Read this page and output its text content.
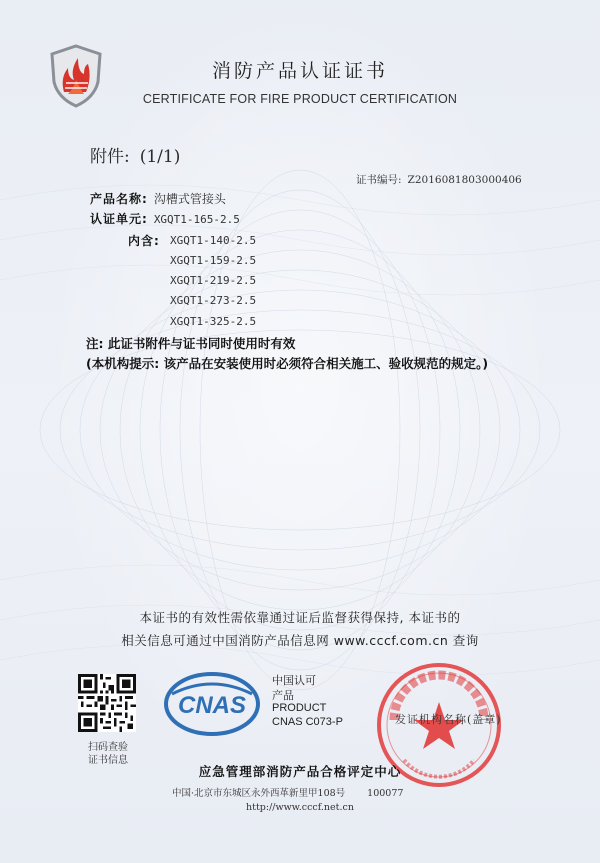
消防产品认证证书
CERTIFICATE FOR FIRE PRODUCT CERTIFICATION
附件: (1/1)
证书编号: Z2016081803000406
产品名称: 沟槽式管接头
认证单元: XGQT1-165-2.5
内含: XGQT1-140-2.5
XGQT1-159-2.5
XGQT1-219-2.5
XGQT1-273-2.5
XGQT1-325-2.5
注: 此证书附件与证书同时使用时有效
(本机构提示: 该产品在安装使用时必须符合相关施工、验收规范的规定。)
本证书的有效性需依靠通过证后监督获得保持, 本证书的
相关信息可通过中国消防产品信息网 www.cccf.com.cn 查询
扫码查验
证书信息
CNAS
中国认可
产品
PRODUCT
CNAS C073-P	发证机构名称(盖章)
应急管理部消防产品合格评定中心
中国·北京市东城区永外西革新里甲108号 100077
http://www.cccf.net.cn
